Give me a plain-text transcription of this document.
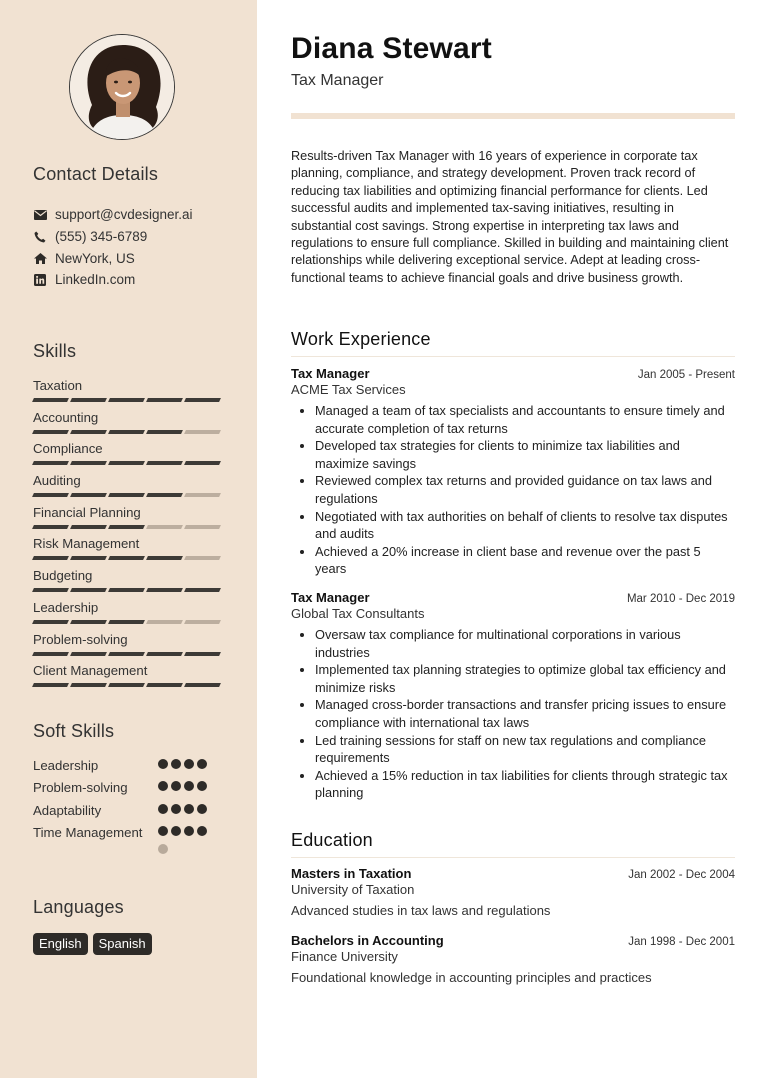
Contact Details
support@cvdesigner.ai
(555) 345-6789
NewYork, US
LinkedIn.com
Skills
Taxation
Accounting
Compliance
Auditing
Financial Planning
Risk Management
Budgeting
Leadership
Problem-solving
Client Management
Soft Skills
Leadership
Problem-solving
Adaptability
Time Management
Languages
English	Spanish
Diana Stewart
Tax Manager
Results-driven Tax Manager with 16 years of experience in corporate tax planning, compliance, and strategy development. Proven track record of reducing tax liabilities and optimizing financial performance for clients. Led successful audits and implemented tax-saving initiatives, resulting in substantial cost savings. Strong expertise in interpreting tax laws and regulations to ensure full compliance. Skilled in building and maintaining client relationships while delivering exceptional service. Adept at leading cross-functional teams to achieve financial goals and drive business growth.
Work Experience
Tax Manager	Jan 2005 - Present
ACME Tax Services
• Managed a team of tax specialists and accountants to ensure timely and accurate completion of tax returns
• Developed tax strategies for clients to minimize tax liabilities and maximize savings
• Reviewed complex tax returns and provided guidance on tax laws and regulations
• Negotiated with tax authorities on behalf of clients to resolve tax disputes and audits
• Achieved a 20% increase in client base and revenue over the past 5 years
Tax Manager	Mar 2010 - Dec 2019
Global Tax Consultants
• Oversaw tax compliance for multinational corporations in various industries
• Implemented tax planning strategies to optimize global tax efficiency and minimize risks
• Managed cross-border transactions and transfer pricing issues to ensure compliance with international tax laws
• Led training sessions for staff on new tax regulations and compliance requirements
• Achieved a 15% reduction in tax liabilities for clients through strategic tax planning
Education
Masters in Taxation	Jan 2002 - Dec 2004
University of Taxation
Advanced studies in tax laws and regulations
Bachelors in Accounting	Jan 1998 - Dec 2001
Finance University
Foundational knowledge in accounting principles and practices
